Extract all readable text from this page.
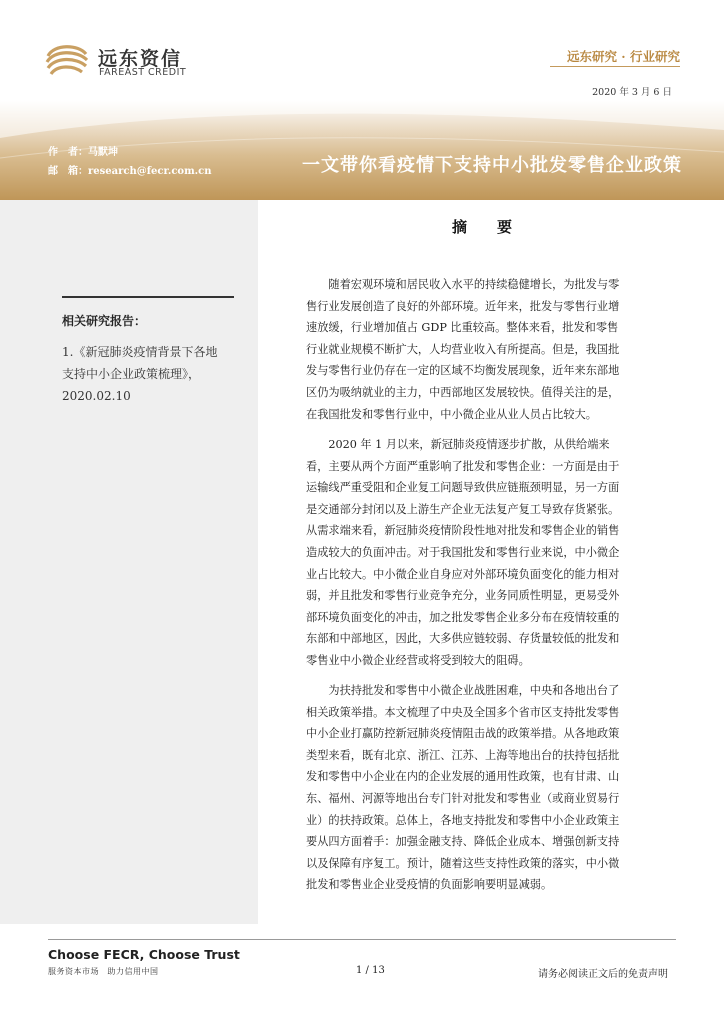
远东资信
FAREAST CREDIT
远东研究 · 行业研究
2020 年 3 月 6 日
作　者：马默坤
邮　箱：research@fecr.com.cn	一文带你看疫情下支持中小批发零售企业政策
相关研究报告：
1.《新冠肺炎疫情背景下各地
支持中小企业政策梳理》，
2020.02.10
摘要
　　随着宏观环境和居民收入水平的持续稳健增长，为批发与零
售行业发展创造了良好的外部环境。近年来，批发与零售行业增
速放缓，行业增加值占 GDP 比重较高。整体来看，批发和零售
行业就业规模不断扩大，人均营业收入有所提高。但是，我国批
发与零售行业仍存在一定的区域不均衡发展现象，近年来东部地
区仍为吸纳就业的主力，中西部地区发展较快。值得关注的是，
在我国批发和零售行业中，中小微企业从业人员占比较大。
　　2020 年 1 月以来，新冠肺炎疫情逐步扩散，从供给端来
看，主要从两个方面严重影响了批发和零售企业：一方面是由于
运输线严重受阻和企业复工问题导致供应链瓶颈明显，另一方面
是交通部分封闭以及上游生产企业无法复产复工导致存货紧张。
从需求端来看，新冠肺炎疫情阶段性地对批发和零售企业的销售
造成较大的负面冲击。对于我国批发和零售行业来说，中小微企
业占比较大。中小微企业自身应对外部环境负面变化的能力相对
弱，并且批发和零售行业竞争充分，业务同质性明显，更易受外
部环境负面变化的冲击，加之批发零售企业多分布在疫情较重的
东部和中部地区，因此，大多供应链较弱、存货量较低的批发和
零售业中小微企业经营或将受到较大的阻碍。
　　为扶持批发和零售中小微企业战胜困难，中央和各地出台了
相关政策举措。本文梳理了中央及全国多个省市区支持批发零售
中小企业打赢防控新冠肺炎疫情阻击战的政策举措。从各地政策
类型来看，既有北京、浙江、江苏、上海等地出台的扶持包括批
发和零售中小企业在内的企业发展的通用性政策，也有甘肃、山
东、福州、河源等地出台专门针对批发和零售业（或商业贸易行
业）的扶持政策。总体上，各地支持批发和零售中小企业政策主
要从四方面着手：加强金融支持、降低企业成本、增强创新支持
以及保障有序复工。预计，随着这些支持性政策的落实，中小微
批发和零售业企业受疫情的负面影响要明显减弱。
Choose FECR, Choose Trust
服务资本市场　助力信用中国	1 / 13	请务必阅读正文后的免责声明
